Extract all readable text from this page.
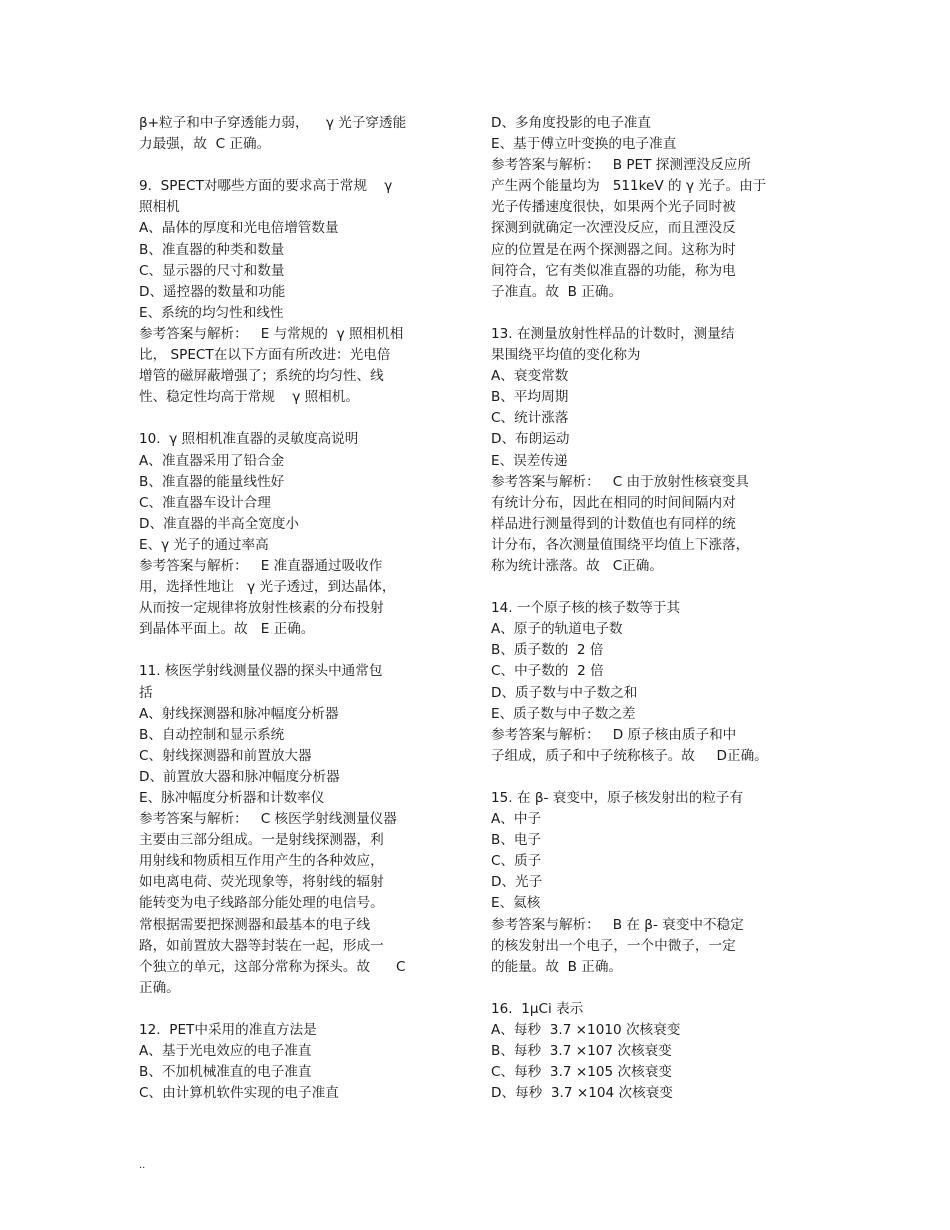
β+粒子和中子穿透能力弱，    γ 光子穿透能
力最强，故  C 正确。
9.  SPECT对哪些方面的要求高于常规    γ
照相机
A、晶体的厚度和光电倍增管数量
B、准直器的种类和数量
C、显示器的尺寸和数量
D、遥控器的数量和功能
E、系统的均匀性和线性
参考答案与解析：   E 与常规的  γ 照相机相
比， SPECT在以下方面有所改进：光电倍
增管的磁屏蔽增强了；系统的均匀性、线
性、稳定性均高于常规    γ 照相机。
10.  γ 照相机准直器的灵敏度高说明
A、准直器采用了铅合金
B、准直器的能量线性好
C、准直器车设计合理
D、准直器的半高全宽度小
E、γ 光子的通过率高
参考答案与解析：   E 准直器通过吸收作
用，选择性地让   γ 光子透过，到达晶体，
从而按一定规律将放射性核素的分布投射
到晶体平面上。故   E 正确。
11. 核医学射线测量仪器的探头中通常包
括
A、射线探测器和脉冲幅度分析器
B、自动控制和显示系统
C、射线探测器和前置放大器
D、前置放大器和脉冲幅度分析器
E、脉冲幅度分析器和计数率仪
参考答案与解析：   C 核医学射线测量仪器
主要由三部分组成。一是射线探测器，利
用射线和物质相互作用产生的各种效应，
如电离电荷、荧光现象等，将射线的辐射
能转变为电子线路部分能处理的电信号。
常根据需要把探测器和最基本的电子线
路，如前置放大器等封装在一起，形成一
个独立的单元，这部分常称为探头。故      C
正确。
12.  PET中采用的准直方法是
A、基于光电效应的电子准直
B、不加机械准直的电子准直
C、由计算机软件实现的电子准直
D、多角度投影的电子准直
E、基于傅立叶变换的电子准直
参考答案与解析：   B PET 探测湮没反应所
产生两个能量均为   511keV 的 γ 光子。由于
光子传播速度很快，如果两个光子同时被
探测到就确定一次湮没反应，而且湮没反
应的位置是在两个探测器之间。这称为时
间符合，它有类似准直器的功能，称为电
子准直。故  B 正确。
13. 在测量放射性样品的计数时，测量结
果围绕平均值的变化称为
A、衰变常数
B、平均周期
C、统计涨落
D、布朗运动
E、误差传递
参考答案与解析：   C 由于放射性核衰变具
有统计分布，因此在相同的时间间隔内对
样品进行测量得到的计数值也有同样的统
计分布，各次测量值围绕平均值上下涨落，
称为统计涨落。故   C正确。
14. 一个原子核的核子数等于其
A、原子的轨道电子数
B、质子数的  2 倍
C、中子数的  2 倍
D、质子数与中子数之和
E、质子数与中子数之差
参考答案与解析：   D 原子核由质子和中
子组成，质子和中子统称核子。故     D正确。
15. 在 β- 衰变中，原子核发射出的粒子有
A、中子
B、电子
C、质子
D、光子
E、氦核
参考答案与解析：   B 在 β- 衰变中不稳定
的核发射出一个电子，一个中微子，一定
的能量。故  B 正确。
16.  1μCi 表示
A、每秒  3.7 ×1010 次核衰变
B、每秒  3.7 ×107 次核衰变
C、每秒  3.7 ×105 次核衰变
D、每秒  3.7 ×104 次核衰变
..
